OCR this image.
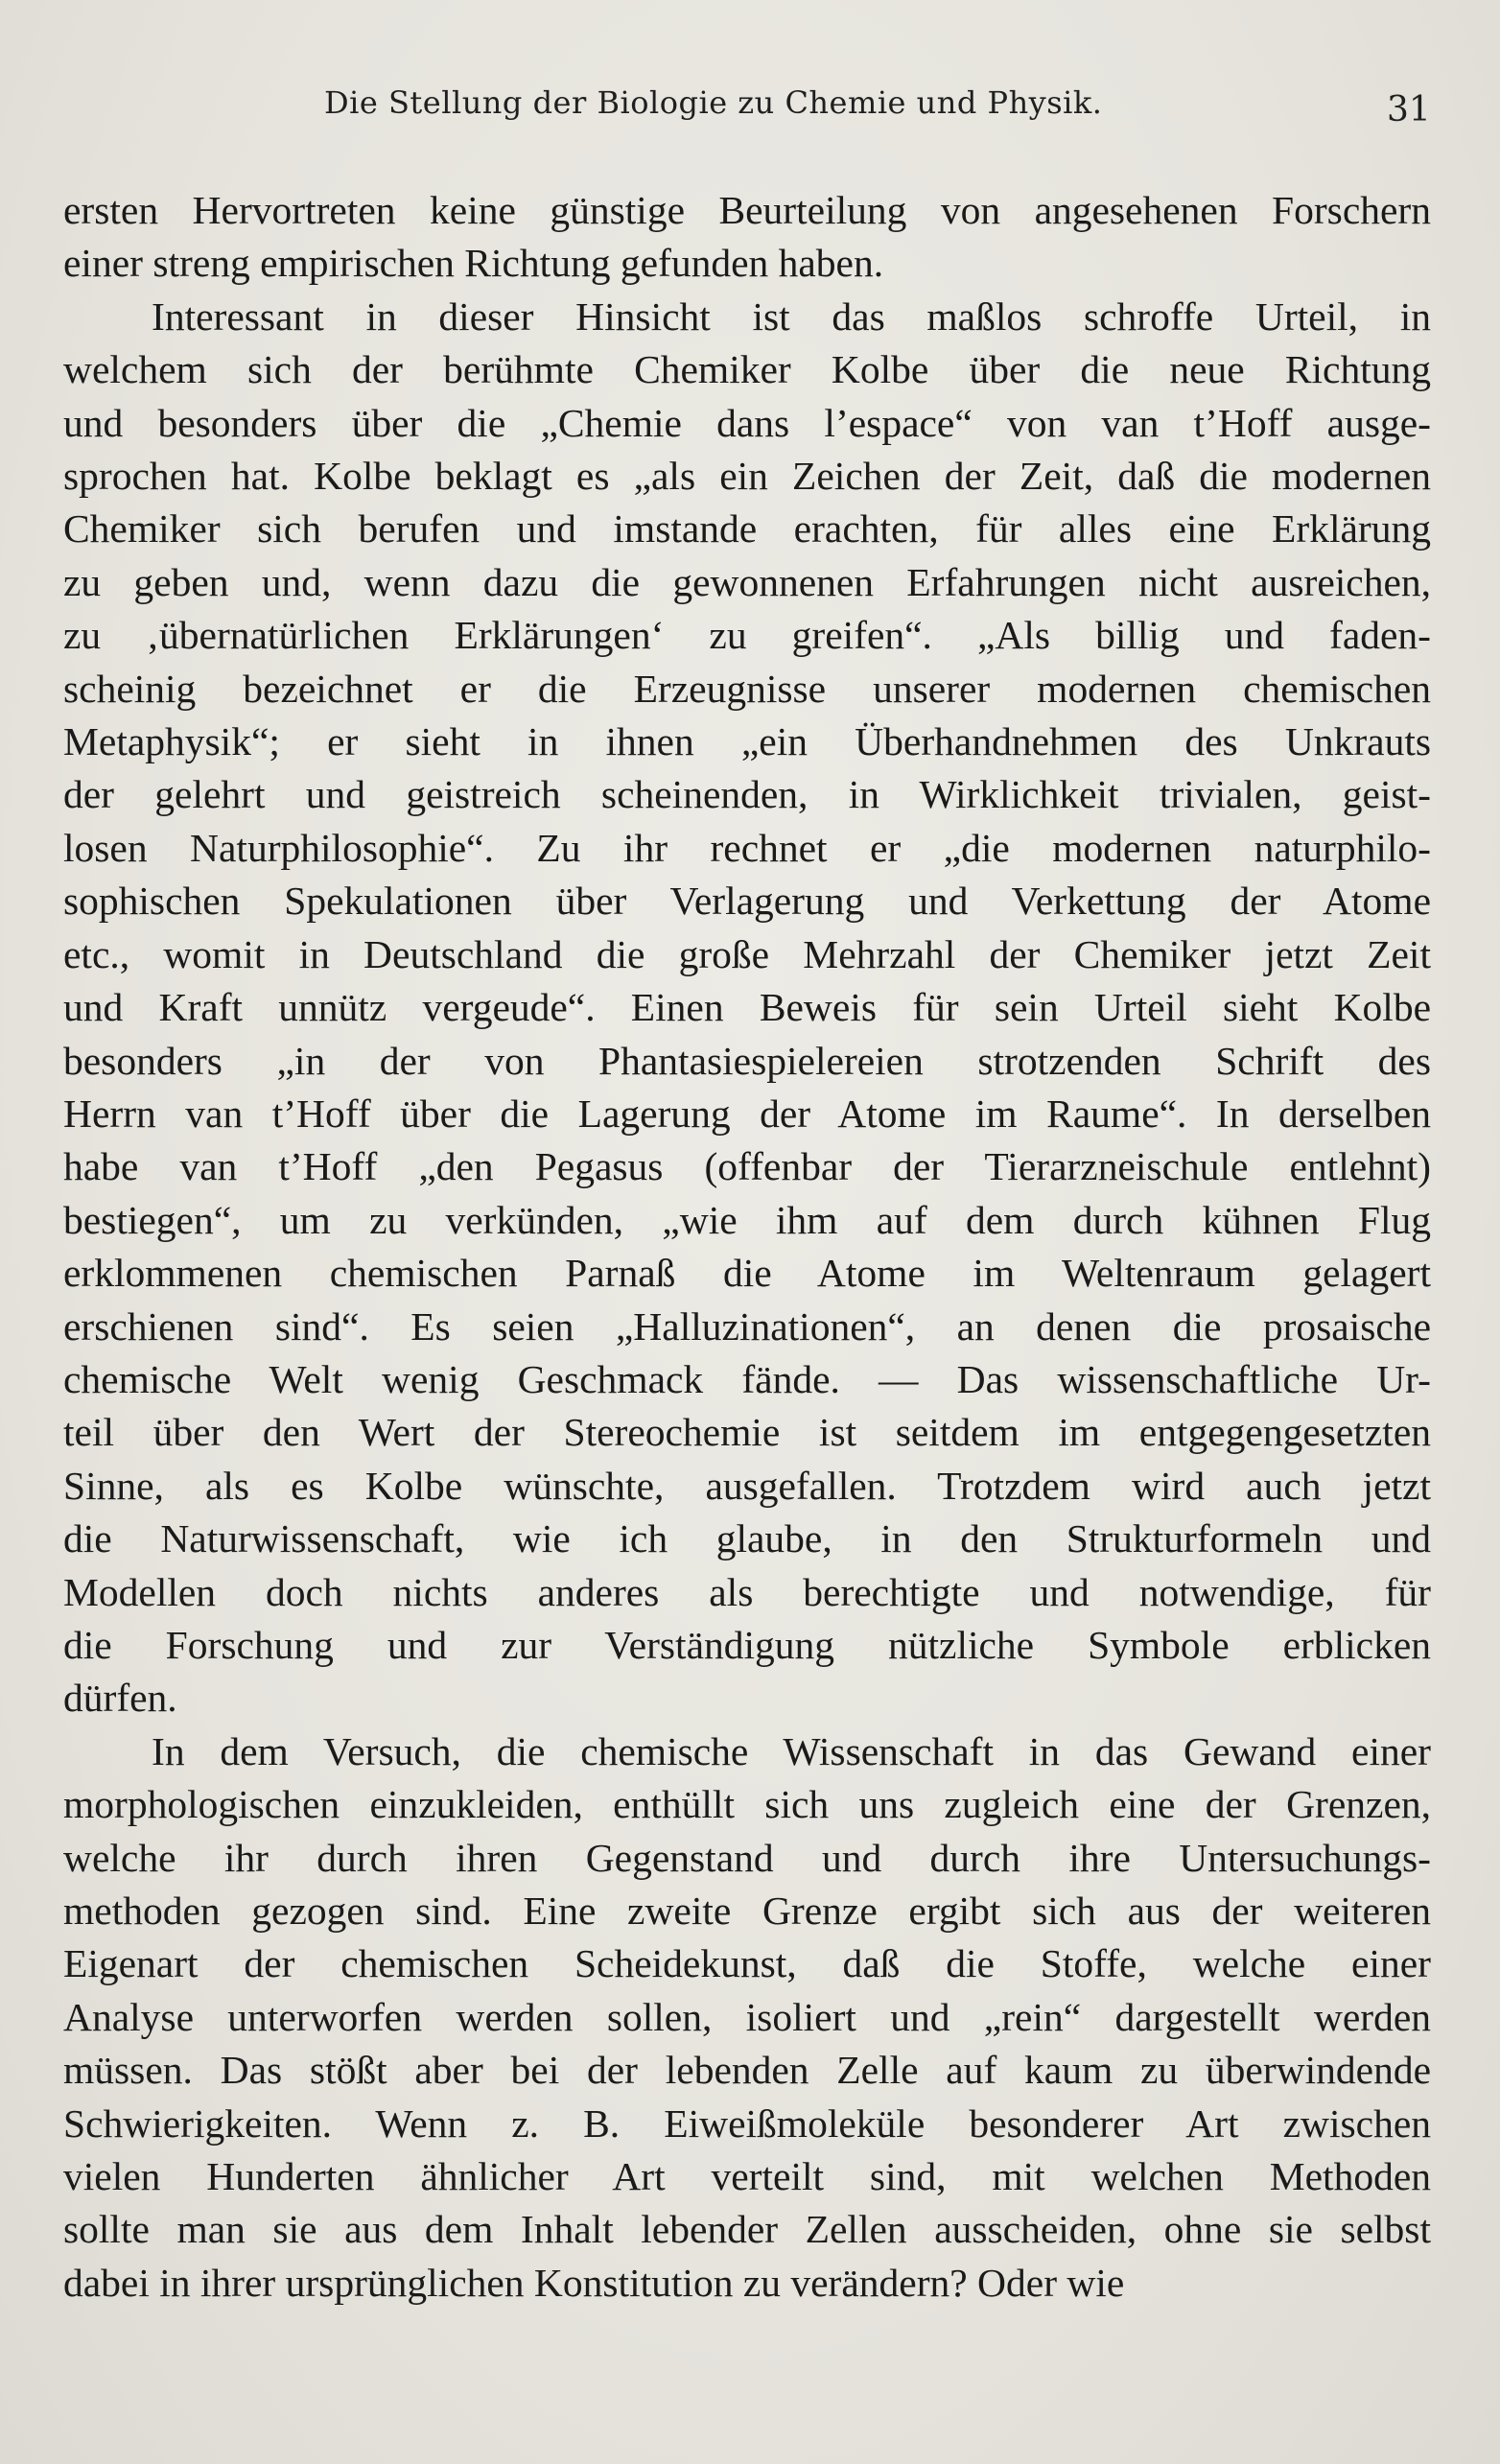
Die Stellung der Biologie zu Chemie und Physik.	31
ersten Hervortreten keine günstige Beurteilung von angesehenen Forschern
einer streng empirischen Richtung gefunden haben.
Interessant in dieser Hinsicht ist das maßlos schroffe Urteil, in
welchem sich der berühmte Chemiker Kolbe über die neue Richtung
und besonders über die „Chemie dans l’espace“ von van t’Hoff ausge-
sprochen hat. Kolbe beklagt es „als ein Zeichen der Zeit, daß die modernen
Chemiker sich berufen und imstande erachten, für alles eine Erklärung
zu geben und, wenn dazu die gewonnenen Erfahrungen nicht ausreichen,
zu ‚übernatürlichen Erklärungen‘ zu greifen“. „Als billig und faden-
scheinig bezeichnet er die Erzeugnisse unserer modernen chemischen
Metaphysik“; er sieht in ihnen „ein Überhandnehmen des Unkrauts
der gelehrt und geistreich scheinenden, in Wirklichkeit trivialen, geist-
losen Naturphilosophie“. Zu ihr rechnet er „die modernen naturphilo-
sophischen Spekulationen über Verlagerung und Verkettung der Atome
etc., womit in Deutschland die große Mehrzahl der Chemiker jetzt Zeit
und Kraft unnütz vergeude“. Einen Beweis für sein Urteil sieht Kolbe
besonders „in der von Phantasiespielereien strotzenden Schrift des
Herrn van t’Hoff über die Lagerung der Atome im Raume“. In derselben
habe van t’Hoff „den Pegasus (offenbar der Tierarzneischule entlehnt)
bestiegen“, um zu verkünden, „wie ihm auf dem durch kühnen Flug
erklommenen chemischen Parnaß die Atome im Weltenraum gelagert
erschienen sind“. Es seien „Halluzinationen“, an denen die prosaische
chemische Welt wenig Geschmack fände. — Das wissenschaftliche Ur-
teil über den Wert der Stereochemie ist seitdem im entgegengesetzten
Sinne, als es Kolbe wünschte, ausgefallen. Trotzdem wird auch jetzt
die Naturwissenschaft, wie ich glaube, in den Strukturformeln und
Modellen doch nichts anderes als berechtigte und notwendige, für
die Forschung und zur Verständigung nützliche Symbole erblicken
dürfen.
In dem Versuch, die chemische Wissenschaft in das Gewand einer
morphologischen einzukleiden, enthüllt sich uns zugleich eine der Grenzen,
welche ihr durch ihren Gegenstand und durch ihre Untersuchungs-
methoden gezogen sind. Eine zweite Grenze ergibt sich aus der weiteren
Eigenart der chemischen Scheidekunst, daß die Stoffe, welche einer
Analyse unterworfen werden sollen, isoliert und „rein“ dargestellt werden
müssen. Das stößt aber bei der lebenden Zelle auf kaum zu überwindende
Schwierigkeiten. Wenn z. B. Eiweißmoleküle besonderer Art zwischen
vielen Hunderten ähnlicher Art verteilt sind, mit welchen Methoden
sollte man sie aus dem Inhalt lebender Zellen ausscheiden, ohne sie selbst
dabei in ihrer ursprünglichen Konstitution zu verändern? Oder wie
